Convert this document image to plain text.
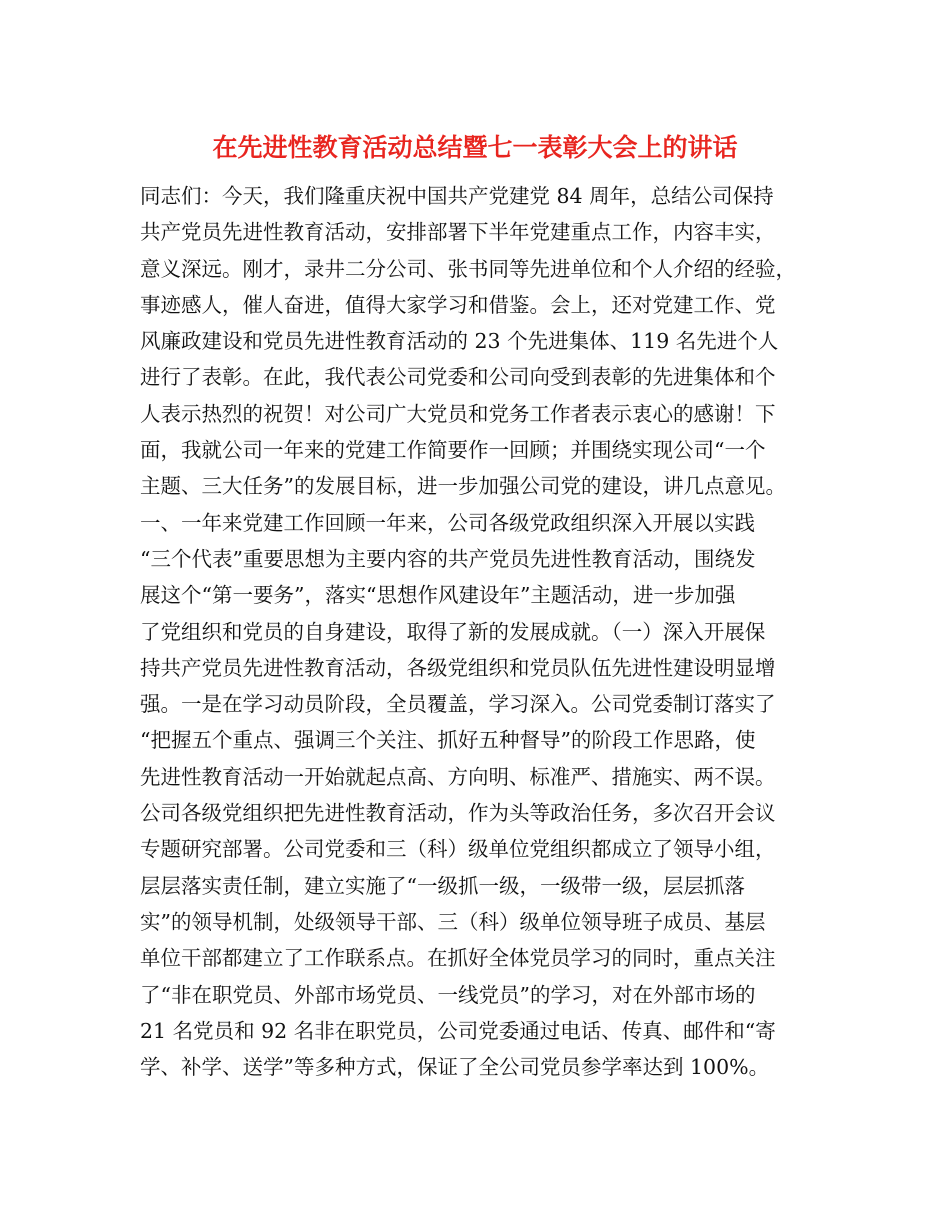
在先进性教育活动总结暨七一表彰大会上的讲话
同志们：今天，我们隆重庆祝中国共产党建党 84 周年，总结公司保持
共产党员先进性教育活动，安排部署下半年党建重点工作，内容丰实，
意义深远。刚才，录井二分公司、张书同等先进单位和个人介绍的经验，
事迹感人，催人奋进，值得大家学习和借鉴。会上，还对党建工作、党
风廉政建设和党员先进性教育活动的 23 个先进集体、119 名先进个人
进行了表彰。在此，我代表公司党委和公司向受到表彰的先进集体和个
人表示热烈的祝贺！对公司广大党员和党务工作者表示衷心的感谢！下
面，我就公司一年来的党建工作简要作一回顾；并围绕实现公司“一个
主题、三大任务”的发展目标，进一步加强公司党的建设，讲几点意见。
一、一年来党建工作回顾一年来，公司各级党政组织深入开展以实践
“三个代表”重要思想为主要内容的共产党员先进性教育活动，围绕发
展这个“第一要务”，落实“思想作风建设年”主题活动，进一步加强
了党组织和党员的自身建设，取得了新的发展成就。（一）深入开展保
持共产党员先进性教育活动，各级党组织和党员队伍先进性建设明显增
强。一是在学习动员阶段，全员覆盖，学习深入。公司党委制订落实了
“把握五个重点、强调三个关注、抓好五种督导”的阶段工作思路，使
先进性教育活动一开始就起点高、方向明、标准严、措施实、两不误。
公司各级党组织把先进性教育活动，作为头等政治任务，多次召开会议
专题研究部署。公司党委和三（科）级单位党组织都成立了领导小组，
层层落实责任制，建立实施了“一级抓一级，一级带一级，层层抓落
实”的领导机制，处级领导干部、三（科）级单位领导班子成员、基层
单位干部都建立了工作联系点。在抓好全体党员学习的同时，重点关注
了“非在职党员、外部市场党员、一线党员”的学习，对在外部市场的
21 名党员和 92 名非在职党员，公司党委通过电话、传真、邮件和“寄
学、补学、送学”等多种方式，保证了全公司党员参学率达到 100%。
